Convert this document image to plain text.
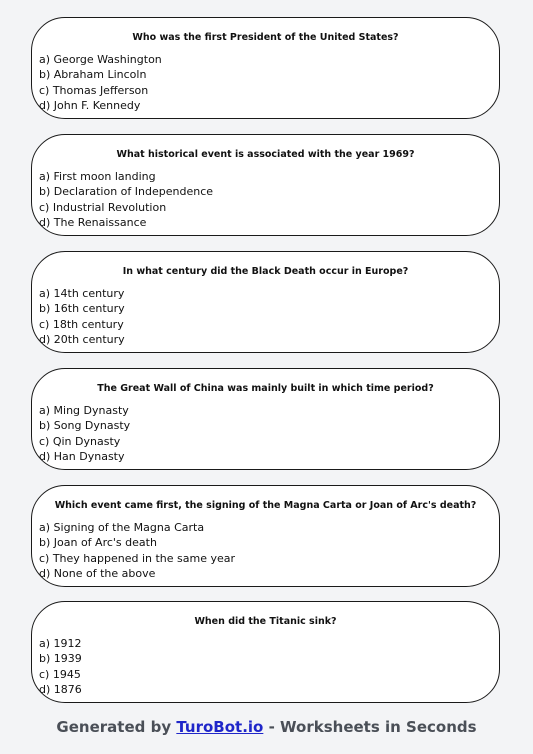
Who was the first President of the United States?
a) George Washington
b) Abraham Lincoln
c) Thomas Jefferson
d) John F. Kennedy
What historical event is associated with the year 1969?
a) First moon landing
b) Declaration of Independence
c) Industrial Revolution
d) The Renaissance
In what century did the Black Death occur in Europe?
a) 14th century
b) 16th century
c) 18th century
d) 20th century
The Great Wall of China was mainly built in which time period?
a) Ming Dynasty
b) Song Dynasty
c) Qin Dynasty
d) Han Dynasty
Which event came first, the signing of the Magna Carta or Joan of Arc's death?
a) Signing of the Magna Carta
b) Joan of Arc's death
c) They happened in the same year
d) None of the above
When did the Titanic sink?
a) 1912
b) 1939
c) 1945
d) 1876
Generated by TuroBot.io - Worksheets in Seconds
